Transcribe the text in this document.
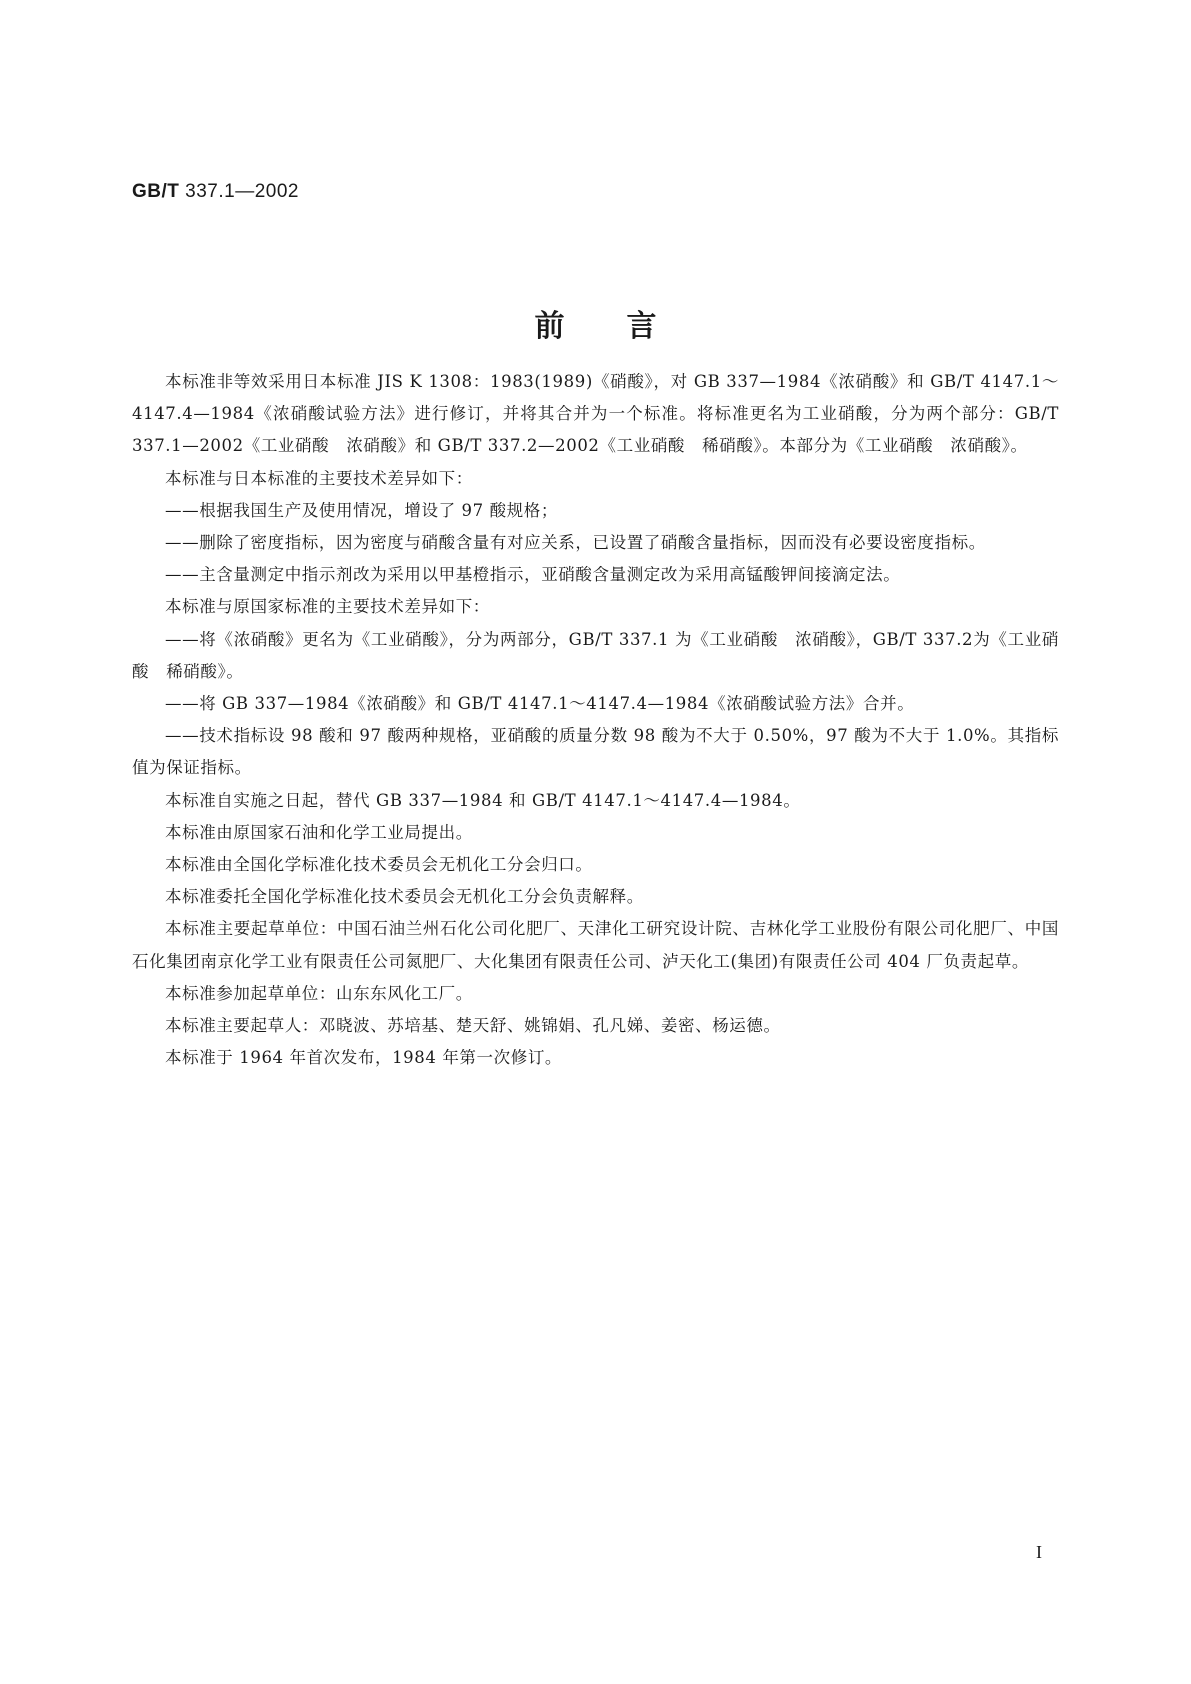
GB/T 337.1—2002
前言

本标准非等效采用日本标准 JIS K 1308：1983(1989)《硝酸》，对 GB 337—1984《浓硝酸》和 GB/T 4147.1～4147.4—1984《浓硝酸试验方法》进行修订，并将其合并为一个标准。将标准更名为工业硝酸，分为两个部分：GB/T 337.1—2002《工业硝酸　浓硝酸》和 GB/T 337.2—2002《工业硝酸　稀硝酸》。本部分为《工业硝酸　浓硝酸》。

本标准与日本标准的主要技术差异如下：

——根据我国生产及使用情况，增设了 97 酸规格；

——删除了密度指标，因为密度与硝酸含量有对应关系，已设置了硝酸含量指标，因而没有必要设密度指标。

——主含量测定中指示剂改为采用以甲基橙指示，亚硝酸含量测定改为采用高锰酸钾间接滴定法。

本标准与原国家标准的主要技术差异如下：

——将《浓硝酸》更名为《工业硝酸》，分为两部分，GB/T 337.1 为《工业硝酸　浓硝酸》，GB/T 337.2为《工业硝酸　稀硝酸》。

——将 GB 337—1984《浓硝酸》和 GB/T 4147.1～4147.4—1984《浓硝酸试验方法》合并。

——技术指标设 98 酸和 97 酸两种规格，亚硝酸的质量分数 98 酸为不大于 0.50%，97 酸为不大于 1.0%。其指标值为保证指标。

本标准自实施之日起，替代 GB 337—1984 和 GB/T 4147.1～4147.4—1984。

本标准由原国家石油和化学工业局提出。

本标准由全国化学标准化技术委员会无机化工分会归口。

本标准委托全国化学标准化技术委员会无机化工分会负责解释。

本标准主要起草单位：中国石油兰州石化公司化肥厂、天津化工研究设计院、吉林化学工业股份有限公司化肥厂、中国石化集团南京化学工业有限责任公司氮肥厂、大化集团有限责任公司、泸天化工(集团)有限责任公司 404 厂负责起草。

本标准参加起草单位：山东东风化工厂。

本标准主要起草人：邓晓波、苏培基、楚天舒、姚锦娟、孔凡娣、姜密、杨运德。

本标准于 1964 年首次发布，1984 年第一次修订。

I
